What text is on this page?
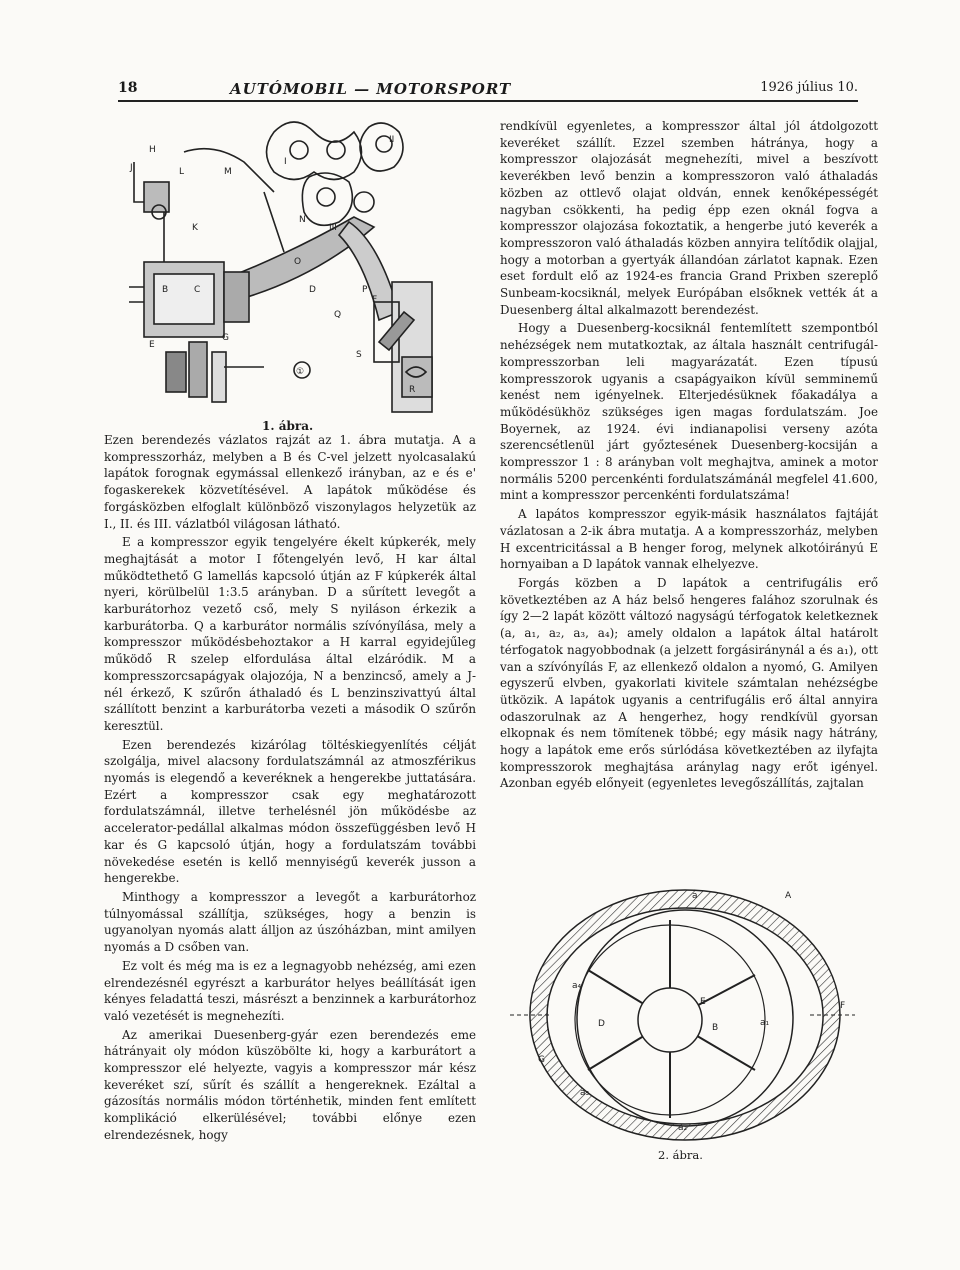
18	AUTÓMOBIL — MOTORSPORT	1926 július 10.
H
L
J	M
K
B	C	D
Q
P
F
G
S
E
R
N
O
I
II
III
①
1. ábra.

Ezen berendezés vázlatos rajzát az 1. ábra mutatja. A a kompresszorház, melyben a B és C-vel jelzett nyolcasalakú lapátok forognak egymással ellenkező irányban, az e és e' fogaskerekek közvetítésével. A lapátok működése és forgásközben elfoglalt különböző viszonylagos helyzetük az I., II. és III. vázlatból világosan látható.

E a kompresszor egyik tengelyére ékelt kúpkerék, mely meghajtását a motor I főtengelyén levő, H kar által működtethető G lamellás kapcsoló útján az F kúpkerék által nyeri, körülbelül 1:3.5 arányban. D a sűrített levegőt a karburátorhoz vezető cső, mely S nyiláson érkezik a karburátorba. Q a karburátor normális szívónyílása, mely a kompresszor működésbehoztakor a H karral egyidejűleg működő R szelep elfordulása által elzáródik. M a kompresszorcsapágyak olajozója, N a benzincső, amely a J-nél érkező, K szűrőn áthaladó és L benzinszivattyú által szállított benzint a karburátorba vezeti a második O szűrőn keresztül.

Ezen berendezés kizárólag töltéskiegyenlítés célját szolgálja, mivel alacsony fordulatszámnál az atmoszférikus nyomás is elegendő a keveréknek a hengerekbe juttatására. Ezért a kompresszor csak egy meghatározott fordulatszámnál, illetve terhelésnél jön működésbe az accelerator-pedállal alkalmas módon összefüggésben levő H kar és G kapcsoló útján, hogy a fordulatszám további növekedése esetén is kellő mennyiségű keverék jusson a hengerekbe.

Minthogy a kompresszor a levegőt a karburátorhoz túlnyomással szállítja, szükséges, hogy a benzin is ugyanolyan nyomás alatt álljon az úszóházban, mint amilyen nyomás a D csőben van.

Ez volt és még ma is ez a legnagyobb nehézség, ami ezen elrendezésnél egyrészt a karburátor helyes beállítását igen kényes feladattá teszi, másrészt a benzinnek a karburátorhoz való vezetését is megnehezíti.

Az amerikai Duesenberg-gyár ezen berendezés eme hátrányait oly módon küszöbölte ki, hogy a karburátort a kompresszor elé helyezte, vagyis a kompresszor már kész keveréket szí, sűrít és szállít a hengereknek. Ezáltal a gázosítás normális módon történhetik, minden fent említett komplikáció elkerülésével; további előnye ezen elrendezésnek, hogy

rendkívül egyenletes, a kompresszor által jól átdolgozott keveréket szállít. Ezzel szemben hátránya, hogy a kompresszor olajozását megnehezíti, mivel a beszívott keverékben levő benzin a kompresszoron való áthaladás közben az ottlevő olajat oldván, ennek kenőképességét nagyban csökkenti, ha pedig épp ezen oknál fogva a kompresszor olajozása fokoztatik, a hengerbe jutó keverék a kompresszoron való áthaladás közben annyira telítődik olajjal, hogy a motorban a gyertyák állandóan zárlatot kapnak. Ezen eset fordult elő az 1924-es francia Grand Prixben szereplő Sunbeam-kocsiknál, melyek Európában elsőknek vették át a Duesenberg által alkalmazott berendezést.

Hogy a Duesenberg-kocsiknál fentemlített szempontból nehézségek nem mutatkoztak, az általa használt centrifugál-kompresszorban leli magyarázatát. Ezen típusú kompresszorok ugyanis a csapágyaikon kívül semminemű kenést nem igényelnek. Elterjedésüknek főakadálya a működésükhöz szükséges igen magas fordulatszám. Joe Boyernek, az 1924. évi indianapolisi verseny azóta szerencsétlenül járt győztesének Duesenberg-kocsiján a kompresszor 1 : 8 arányban volt meghajtva, aminek a motor normális 5200 percenkénti fordulatszámánál megfelel 41.600, mint a kompresszor percenkénti fordulatszáma!

A lapátos kompresszor egyik-másik használatos fajtáját vázlatosan a 2-ik ábra mutatja. A a kompresszorház, melyben H excentricitással a B henger forog, melynek alkotóirányú E hornyaiban a D lapátok vannak elhelyezve.

Forgás közben a D lapátok a centrifugális erő következtében az A ház belső hengeres falához szorulnak és így 2—2 lapát között változó nagyságú térfogatok keletkeznek (a, a₁, a₂, a₃, a₄); amely oldalon a lapátok által határolt térfogatok nagyobbodnak (a jelzett forgásiránynál a és a₁), ott van a szívónyílás F, az ellenkező oldalon a nyomó, G. Amilyen egyszerű elvben, gyakorlati kivitele számtalan nehézségbe ütközik. A lapátok ugyanis a centrifugális erő által annyira odaszorulnak az A hengerhez, hogy rendkívül gyorsan elkopnak és nem tömítenek többé; egy másik nagy hátrány, hogy a lapátok eme erős súrlódása következtében az ilyfajta kompresszorok meghajtása aránylag nagy erőt igényel. Azonban egyéb előnyeit (egyenletes levegőszállítás, zajtalan

A
B
D
E	F
G
a
a₁
a₂
a₃
a₄
2. ábra.
